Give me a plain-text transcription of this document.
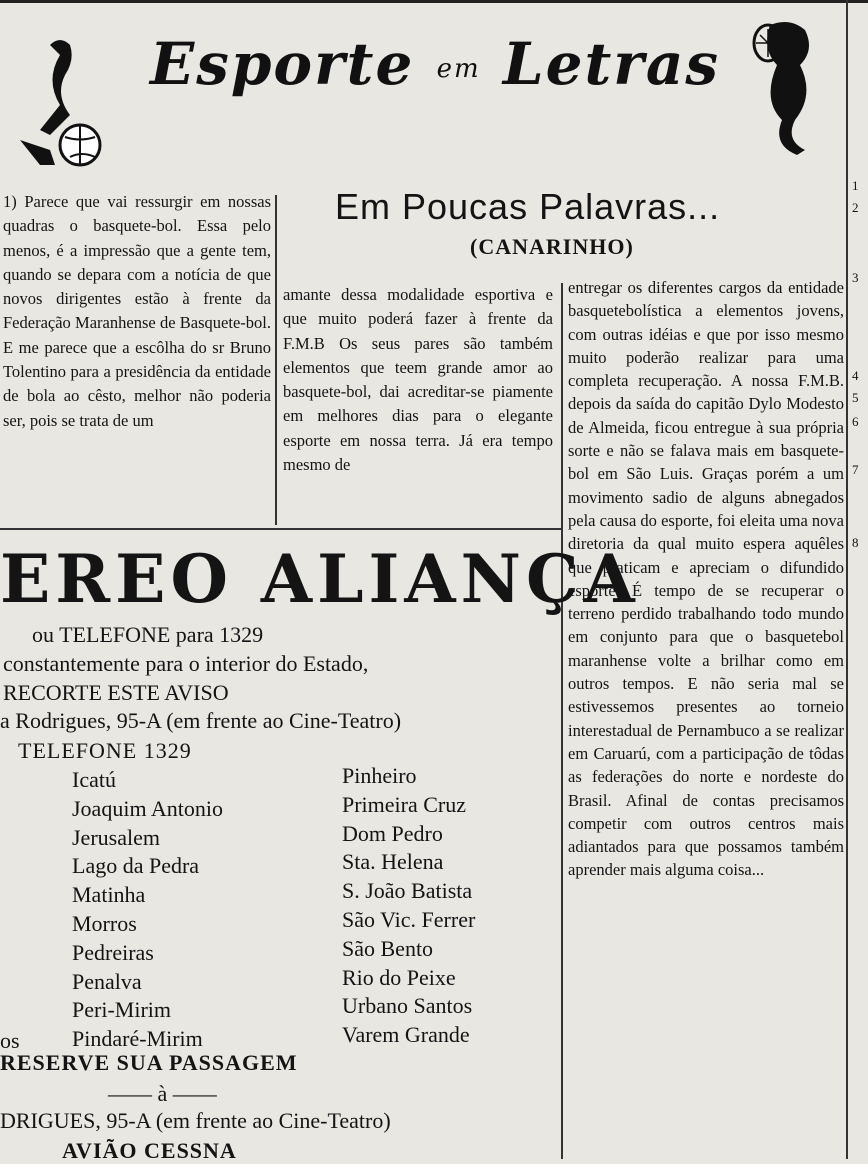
Esporte em Letras
Em Poucas Palavras...
(CANARINHO)

1) Parece que vai ressurgir em nossas quadras o basquete-bol. Essa pelo menos, é a impressão que a gente tem, quando se depara com a notícia de que novos dirigentes estão à frente da Federação Maranhense de Basquete-bol. E me parece que a escôlha do sr Bruno Tolentino para a presidência da entidade de bola ao cêsto, melhor não poderia ser, pois se trata de um

amante dessa modalidade esportiva e que muito poderá fazer à frente da F.M.B Os seus pares são também elementos que teem grande amor ao basquete-bol, dai acreditar-se piamente em melhores dias para o elegante esporte em nossa terra. Já era tempo mesmo de

entregar os diferentes cargos da entidade basquetebolística a elementos jovens, com outras idéias e que por isso mesmo muito poderão realizar para uma completa recuperação. A nossa F.M.B. depois da saída do capitão Dylo Modesto de Almeida, ficou entregue à sua própria sorte e não se falava mais em basquete-bol em São Luis. Graças porém a um movimento sadio de alguns abnegados pela causa do esporte, foi eleita uma nova diretoria da qual muito espera aquêles que praticam e apreciam o difundido esporte. É tempo de se recuperar o terreno perdido trabalhando todo mundo em conjunto para que o basquetebol maranhense volte a brilhar como em outros tempos. E não seria mal se estivessemos presentes ao torneio interestadual de Pernambuco a se realizar em Caruarú, com a participação de tôdas as federações do norte e nordeste do Brasil. Afinal de contas precisamos competir com outros centros mais adiantados para que possamos também aprender mais alguma coisa...

EREO ALIANÇA
ou TELEFONE para 1329
constantemente para o interior do Estado,
RECORTE ESTE AVISO
a Rodrigues, 95-A (em frente ao Cine-Teatro)
TELEFONE 1329
Icatú
Joaquim Antonio
Jerusalem
Lago da Pedra
Matinha
Morros
Pedreiras
Penalva
Peri-Mirim
Pindaré-Mirim
Pinheiro
Primeira Cruz
Dom Pedro
Sta. Helena
S. João Batista
São Vic. Ferrer
São Bento
Rio do Peixe
Urbano Santos
Varem Grande
os
RESERVE SUA PASSAGEM
—— à ——
DRIGUES, 95-A (em frente ao Cine-Teatro)
AVIÃO CESSNA
1
2
3
4
5
6
7
8
